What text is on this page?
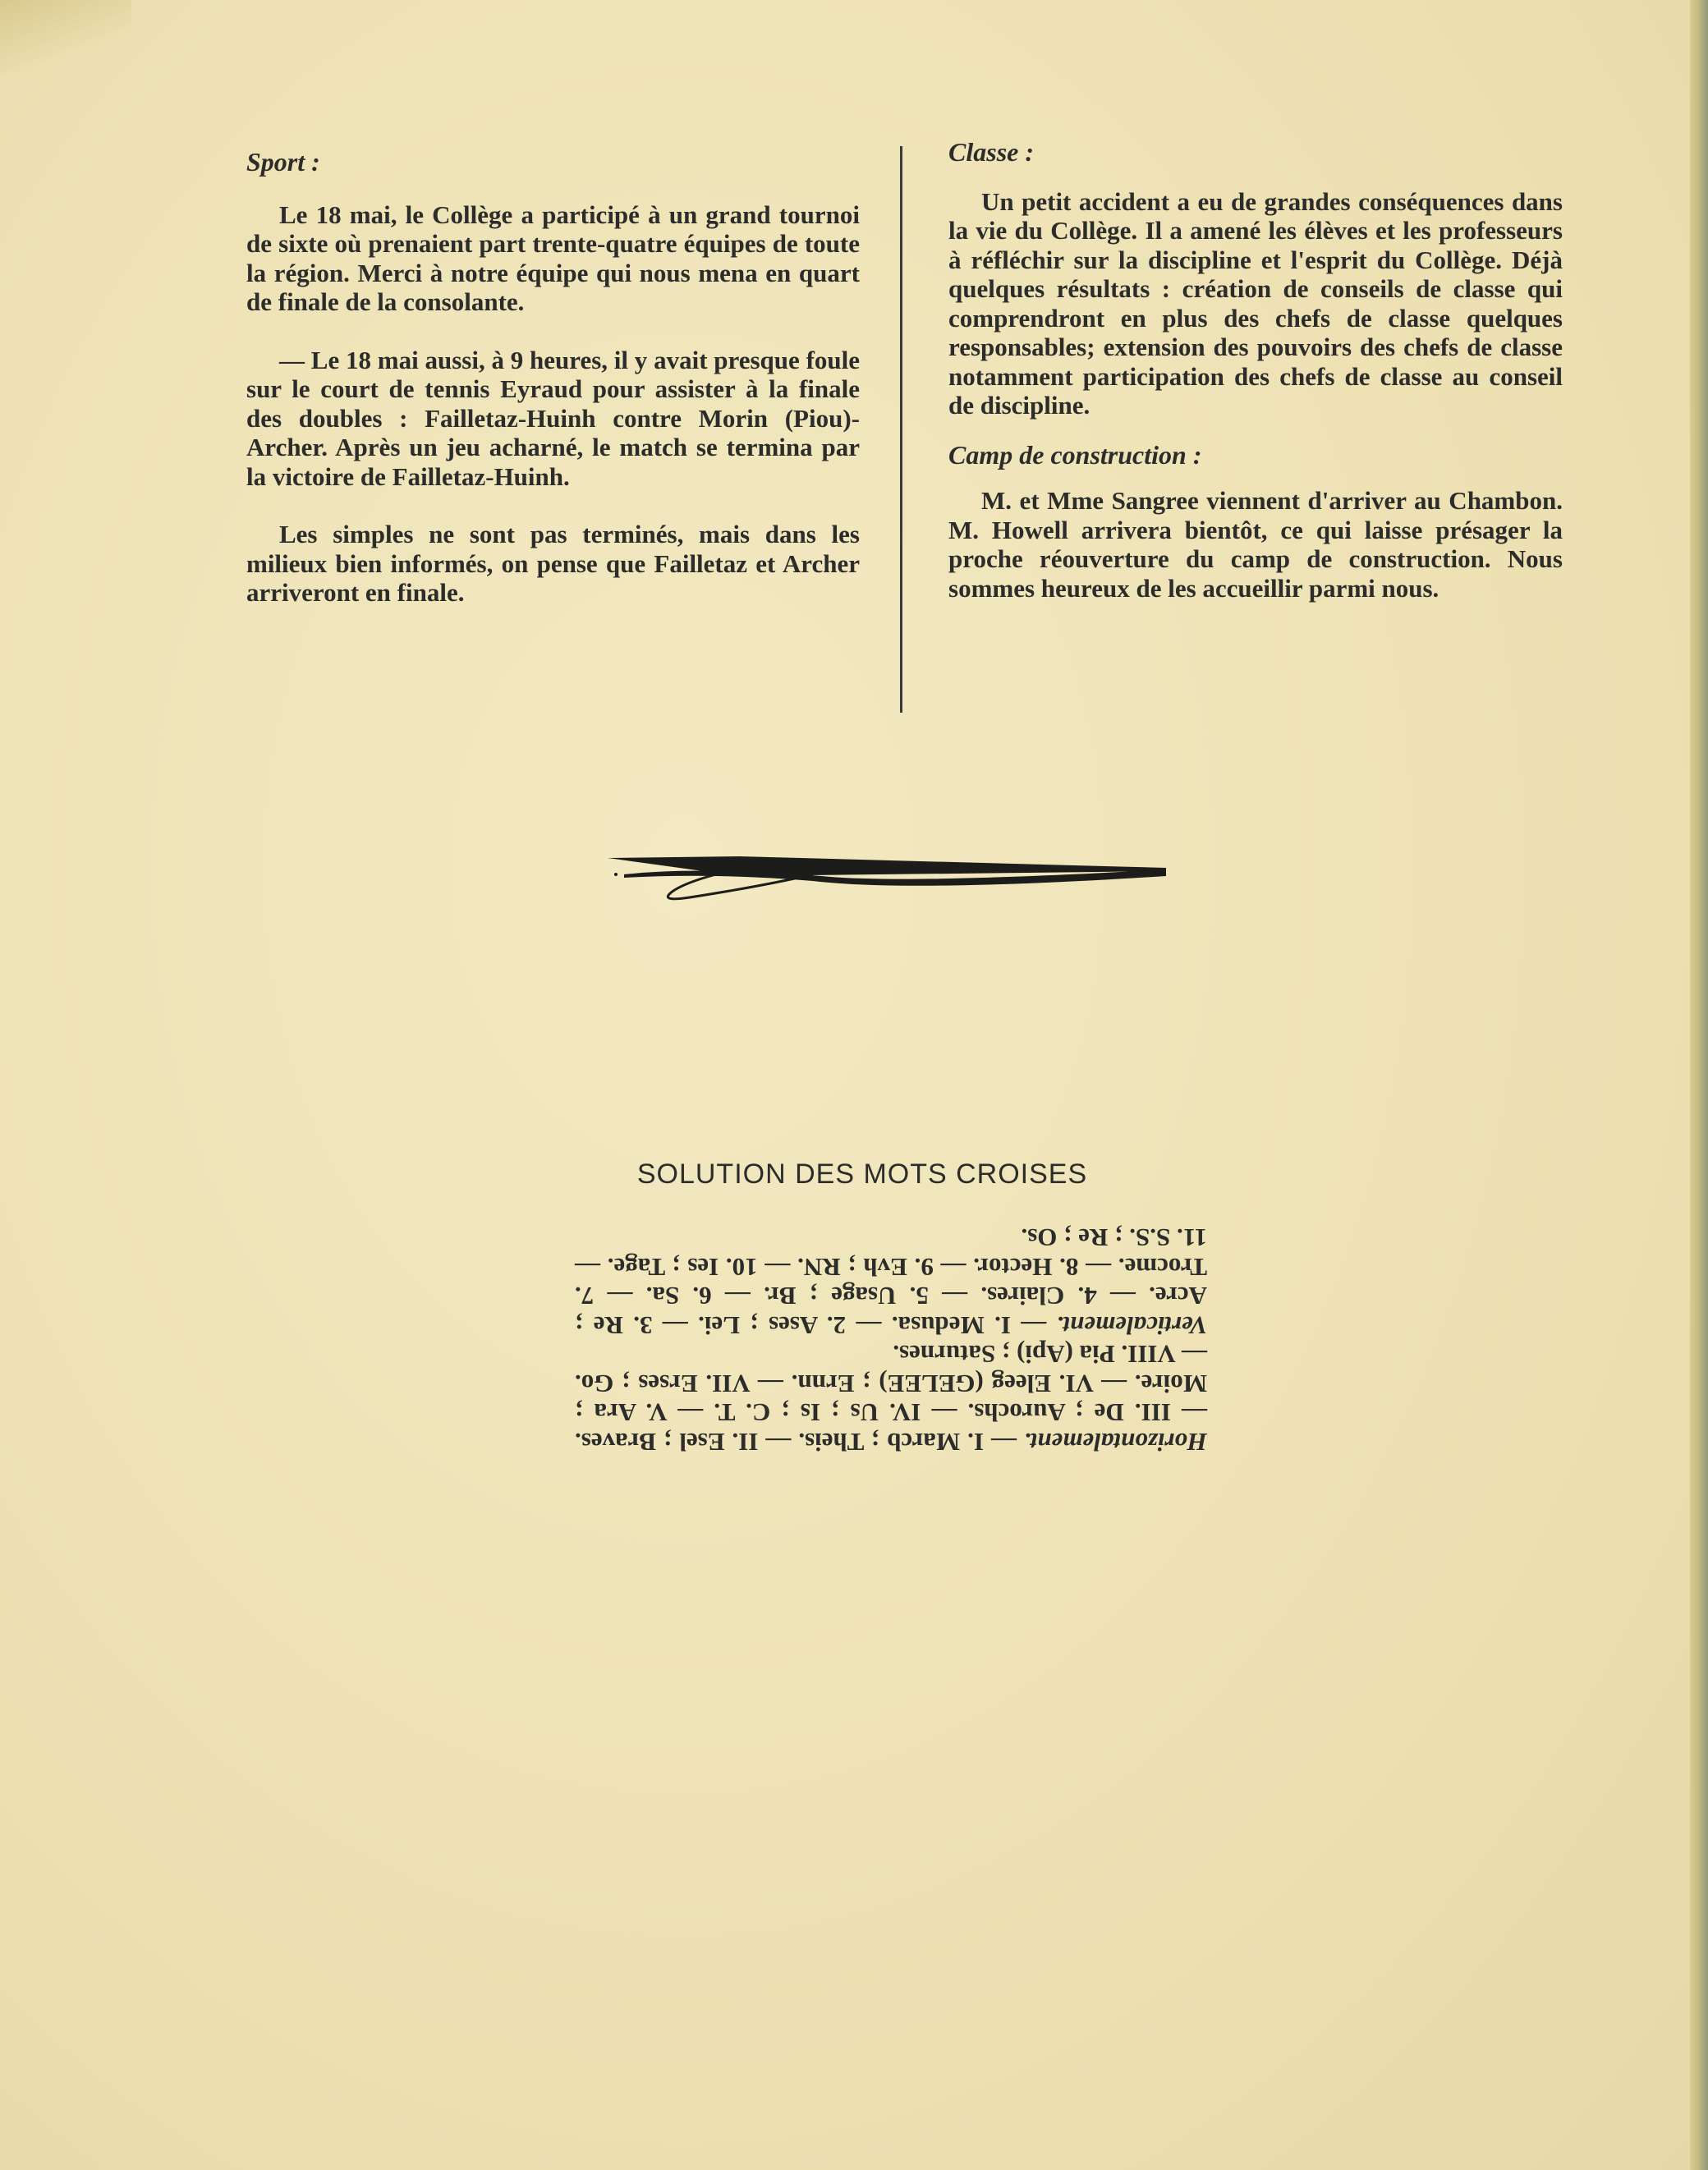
Sport :

Le 18 mai, le Collège a participé à un grand tournoi de sixte où prenaient part trente-quatre équipes de toute la région. Merci à notre équipe qui nous mena en quart de finale de la consolante.

— Le 18 mai aussi, à 9 heures, il y avait presque foule sur le court de tennis Eyraud pour assister à la finale des doubles : Failletaz-Huinh contre Morin (Piou)-Archer. Après un jeu acharné, le match se termina par la victoire de Failletaz-Huinh.

Les simples ne sont pas terminés, mais dans les milieux bien informés, on pense que Failletaz et Archer arriveront en finale.

Classe :

Un petit accident a eu de grandes conséquences dans la vie du Collège. Il a amené les élèves et les professeurs à réfléchir sur la discipline et l'esprit du Collège. Déjà quelques résultats : création de conseils de classe qui comprendront en plus des chefs de classe quelques responsables; extension des pouvoirs des chefs de classe notamment participation des chefs de classe au conseil de discipline.

Camp de construction :

M. et Mme Sangree viennent d'arriver au Chambon. M. Howell arrivera bientôt, ce qui laisse présager la proche réouverture du camp de construction. Nous sommes heureux de les accueillir parmi nous.

SOLUTION DES MOTS CROISES

Horizontalement. — I. Marcb ; Theis. — II. Esel ; Braves. — III. De ; Aurochs. — IV. Us ; Is ; C. T. — V. Ara ; Moire. — VI. Eleeg (GELEE) ; Ernn. — VII. Erses ; Go. — VIII. Pia (Api) ; Saturnes.

Verticalement. — I. Medusa. — 2. Ases ; Lei. — 3. Re ; Acre. — 4. Claires. — 5. Usage ; Br. — 6. Sa. — 7. Trocme. — 8. Hector. — 9. Evh ; RN. — 10. Ies ; Tage. — 11. S.S. ; Re ; Os.
